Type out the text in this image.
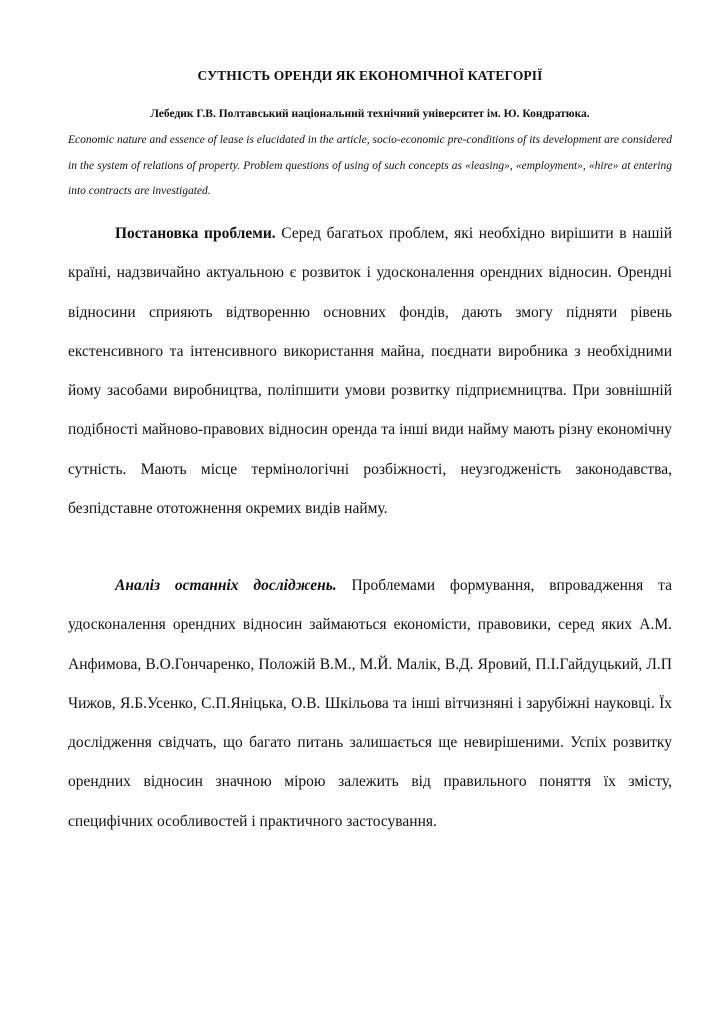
СУТНІСТЬ ОРЕНДИ ЯК ЕКОНОМІЧНОЇ КАТЕГОРІЇ
Лебедик Г.В. Полтавський національний технічний університет ім. Ю. Кондратюка.
Economic nature and essence of lease is elucidated in the article, socio-economic pre-conditions of its development are considered in the system of relations of property. Problem questions of using of such concepts as «leasing», «employment», «hire» at entering into contracts are investigated.

Постановка проблеми. Серед багатьох проблем, які необхідно вирішити в нашій країні, надзвичайно актуальною є розвиток і удосконалення орендних відносин. Орендні відносини сприяють відтворенню основних фондів, дають змогу підняти рівень екстенсивного та інтенсивного використання майна, поєднати виробника з необхідними йому засобами виробництва, поліпшити умови розвитку підприємництва. При зовнішній подібності майново-правових відносин оренда та інші види найму мають різну економічну сутність. Мають місце термінологічні розбіжності, неузгодженість законодавства, безпідставне ототожнення окремих видів найму.

Аналіз останніх досліджень. Проблемами формування, впровадження та удосконалення орендних відносин займаються економісти, правовики, серед яких А.М. Анфимова, В.О.Гончаренко, Положій В.М., М.Й. Малік, В.Д. Яровий, П.І.Гайдуцький, Л.П Чижов, Я.Б.Усенко, С.П.Яніцька, О.В. Шкільова та інші вітчизняні і зарубіжні науковці. Їх дослідження свідчать, що багато питань залишається ще невирішеними. Успіх розвитку орендних відносин значною мірою залежить від правильного поняття їх змісту, специфічних особливостей і практичного застосування.
